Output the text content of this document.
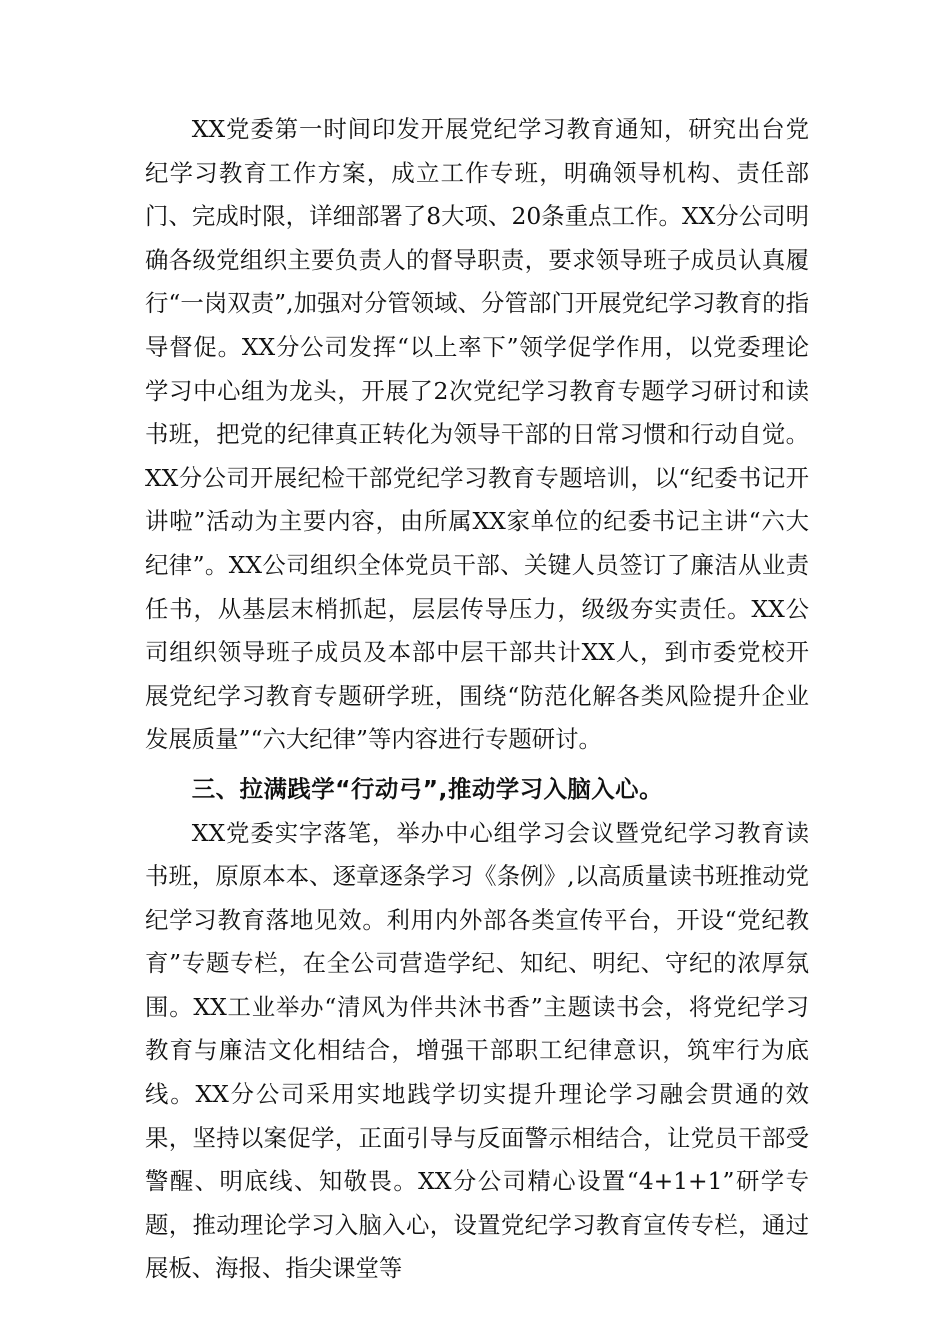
XX党委第一时间印发开展党纪学习教育通知，研究出台党纪学习教育工作方案，成立工作专班，明确领导机构、责任部门、完成时限，详细部署了8大项、20条重点工作。XX分公司明确各级党组织主要负责人的督导职责，要求领导班子成员认真履行“一岗双责”,加强对分管领域、分管部门开展党纪学习教育的指导督促。XX分公司发挥“以上率下”领学促学作用，以党委理论学习中心组为龙头，开展了2次党纪学习教育专题学习研讨和读书班，把党的纪律真正转化为领导干部的日常习惯和行动自觉。XX分公司开展纪检干部党纪学习教育专题培训，以“纪委书记开讲啦”活动为主要内容，由所属XX家单位的纪委书记主讲“六大纪律”。XX公司组织全体党员干部、关键人员签订了廉洁从业责任书，从基层末梢抓起，层层传导压力，级级夯实责任。XX公司组织领导班子成员及本部中层干部共计XX人，到市委党校开展党纪学习教育专题研学班，围绕“防范化解各类风险提升企业发展质量”“六大纪律”等内容进行专题研讨。

三、拉满践学“行动弓”,推动学习入脑入心。

XX党委实字落笔，举办中心组学习会议暨党纪学习教育读书班，原原本本、逐章逐条学习《条例》,以高质量读书班推动党纪学习教育落地见效。利用内外部各类宣传平台，开设“党纪教育”专题专栏，在全公司营造学纪、知纪、明纪、守纪的浓厚氛围。XX工业举办“清风为伴共沐书香”主题读书会，将党纪学习教育与廉洁文化相结合，增强干部职工纪律意识，筑牢行为底线。XX分公司采用实地践学切实提升理论学习融会贯通的效果，坚持以案促学，正面引导与反面警示相结合，让党员干部受警醒、明底线、知敬畏。XX分公司精心设置“4+1+1”研学专题，推动理论学习入脑入心，设置党纪学习教育宣传专栏，通过展板、海报、指尖课堂等
